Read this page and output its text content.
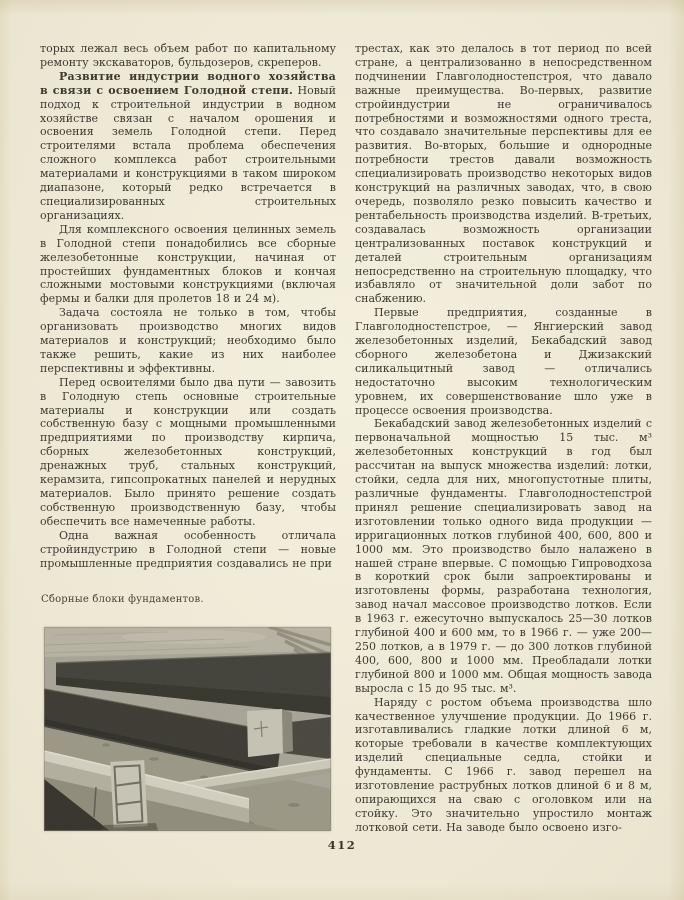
торых лежал весь объем работ по капитальному ремонту экскаваторов, бульдозеров, скреперов.

Развитие индустрии водного хозяйства в связи с освоением Голодной степи. Новый подход к строительной индустрии в водном хозяйстве связан с началом орошения и освоения земель Голодной степи. Перед строителями встала проблема обеспечения сложного комплекса работ строительными материалами и конструкциями в таком широком диапазоне, который редко встречается в специализированных строительных организациях.

Для комплексного освоения целинных земель в Голодной степи понадобились все сборные железобетонные конструкции, начиная от простейших фундаментных блоков и кончая сложными мостовыми конструкциями (включая фермы и балки для пролетов 18 и 24 м).

Задача состояла не только в том, чтобы организовать производство многих видов материалов и конструкций; необходимо было также решить, какие из них наиболее перспективны и эффективны.

Перед освоителями было два пути — завозить в Голодную степь основные строительные материалы и конструкции или создать собственную базу с мощными промышленными предприятиями по производству кирпича, сборных железобетонных конструкций, дренажных труб, стальных конструкций, керамзита, гипсопрокатных панелей и нерудных материалов. Было принято решение создать собственную производственную базу, чтобы обеспечить все намеченные работы.

Одна важная особенность отличала стройиндустрию в Голодной степи — новые промышленные предприятия создавались не при

трестах, как это делалось в тот период по всей стране, а централизованно в непосредственном подчинении Главголодностепстроя, что давало важные преимущества. Во-первых, развитие стройиндустрии не ограничивалось потребностями и возможностями одного треста, что создавало значительные перспективы для ее развития. Во-вторых, большие и однородные потребности трестов давали возможность специализировать производство некоторых видов конструкций на различных заводах, что, в свою очередь, позволяло резко повысить качество и рентабельность производства изделий. В-третьих, создавалась возможность организации централизованных поставок конструкций и деталей строительным организациям непосредственно на строительную площадку, что избавляло от значительной доли забот по снабжению.

Первые предприятия, созданные в Главголодностепстрое, — Янгиерский завод железобетонных изделий, Бекабадский завод сборного железобетона и Джизакский силикальцитный завод — отличались недостаточно высоким технологическим уровнем, их совершенствование шло уже в процессе освоения производства.

Бекабадский завод железобетонных изделий с первоначальной мощностью 15 тыс. м³ железобетонных конструкций в год был рассчитан на выпуск множества изделий: лотки, стойки, седла для них, многопустотные плиты, различные фундаменты. Главголодностепстрой принял решение специализировать завод на изготовлении только одного вида продукции — ирригационных лотков глубиной 400, 600, 800 и 1000 мм. Это производство было налажено в нашей стране впервые. С помощью Гипроводхоза в короткий срок были запроектированы и изготовлены формы, разработана технология, завод начал массовое производство лотков. Если в 1963 г. ежесуточно выпускалось 25—30 лотков глубиной 400 и 600 мм, то в 1966 г. — уже 200—250 лотков, а в 1979 г. — до 300 лотков глубиной 400, 600, 800 и 1000 мм. Преобладали лотки глубиной 800 и 1000 мм. Общая мощность завода выросла с 15 до 95 тыс. м³.

Наряду с ростом объема производства шло качественное улучшение продукции. До 1966 г. изготавливались гладкие лотки длиной 6 м, которые требовали в качестве комплектующих изделий специальные седла, стойки и фундаменты. С 1966 г. завод перешел на изготовление раструбных лотков длиной 6 и 8 м, опирающихся на сваю с оголовком или на стойку. Это значительно упростило монтаж лотковой сети. На заводе было освоено изго-

Сборные блоки фундаментов.
412
